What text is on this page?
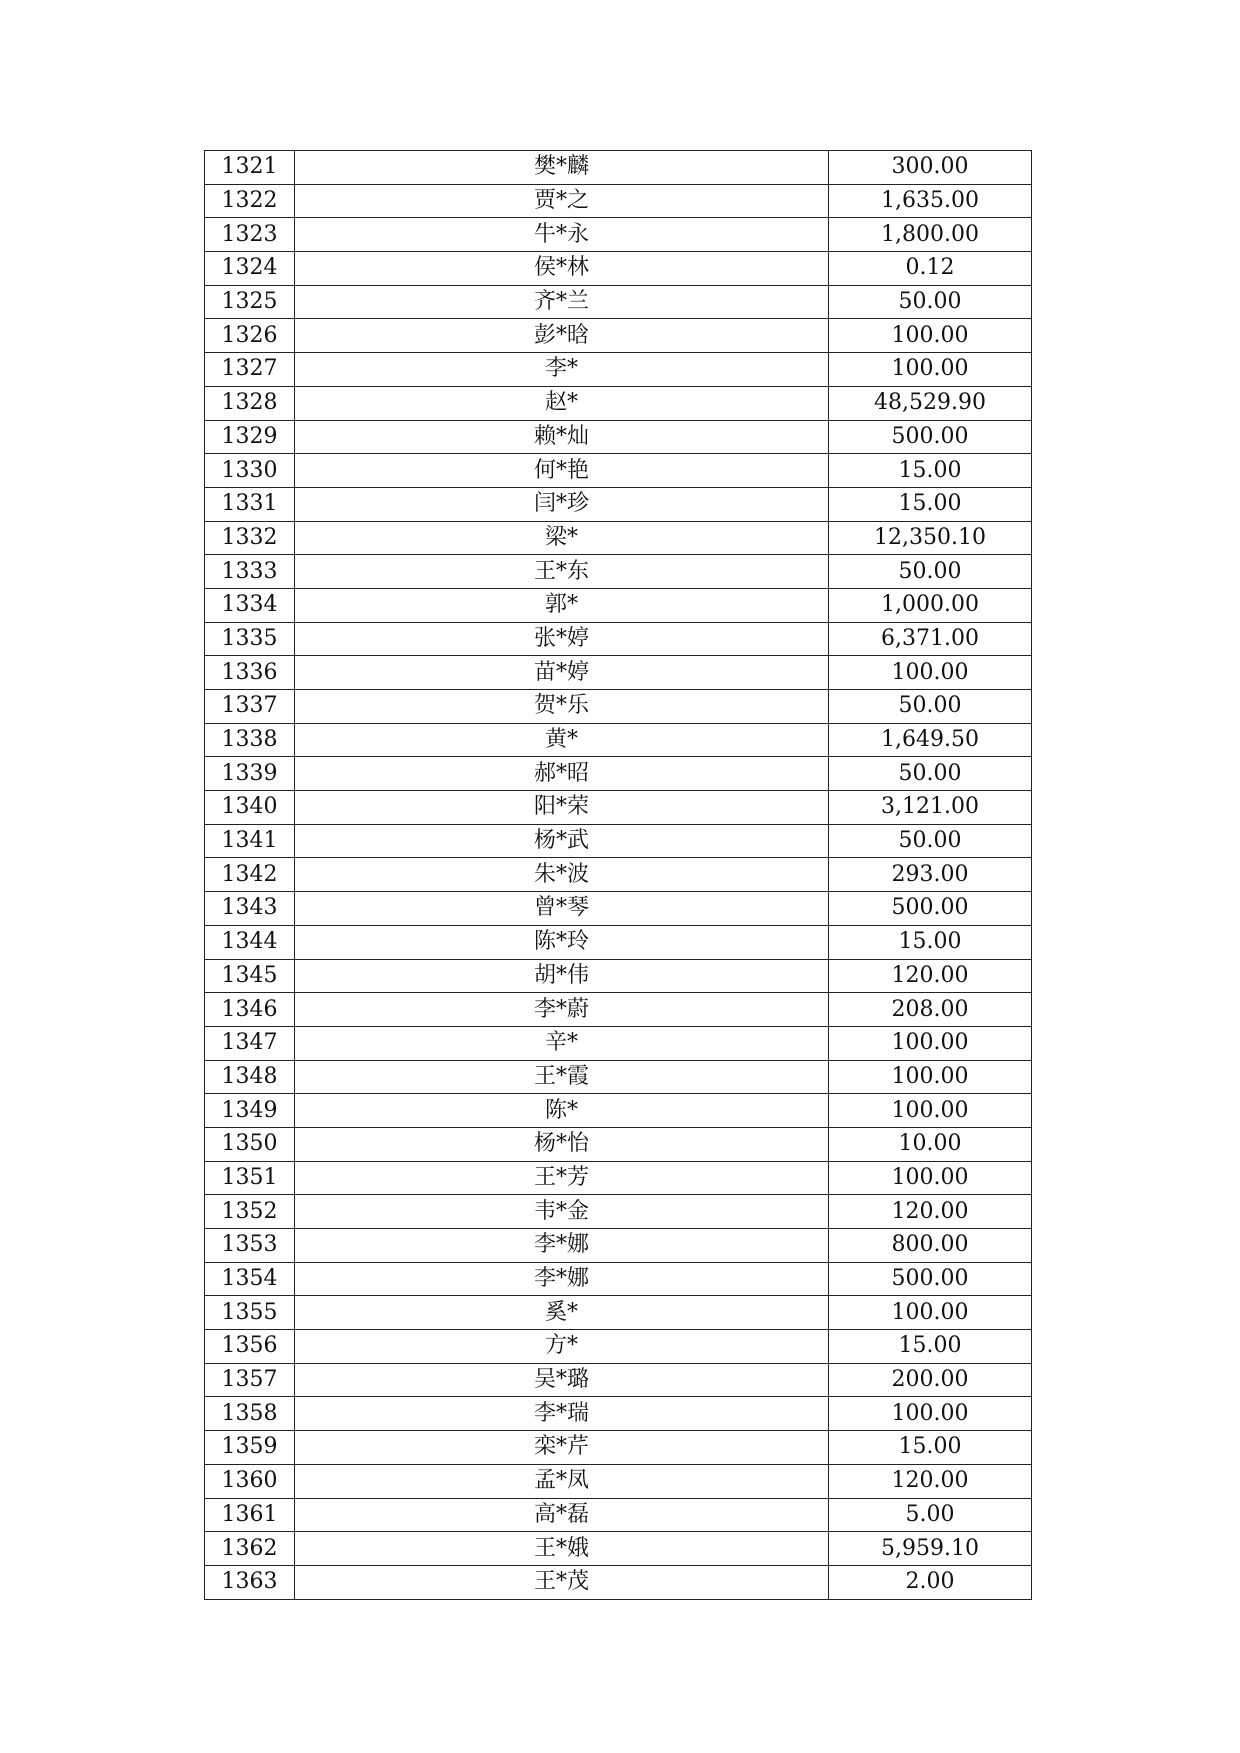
1321	樊*麟	300.00
1322	贾*之	1,635.00
1323	牛*永	1,800.00
1324	侯*林	0.12
1325	齐*兰	50.00
1326	彭*晗	100.00
1327	李*	100.00
1328	赵*	48,529.90
1329	赖*灿	500.00
1330	何*艳	15.00
1331	闫*珍	15.00
1332	梁*	12,350.10
1333	王*东	50.00
1334	郭*	1,000.00
1335	张*婷	6,371.00
1336	苗*婷	100.00
1337	贺*乐	50.00
1338	黄*	1,649.50
1339	郝*昭	50.00
1340	阳*荣	3,121.00
1341	杨*武	50.00
1342	朱*波	293.00
1343	曾*琴	500.00
1344	陈*玲	15.00
1345	胡*伟	120.00
1346	李*蔚	208.00
1347	辛*	100.00
1348	王*霞	100.00
1349	陈*	100.00
1350	杨*怡	10.00
1351	王*芳	100.00
1352	韦*金	120.00
1353	李*娜	800.00
1354	李*娜	500.00
1355	奚*	100.00
1356	方*	15.00
1357	吴*璐	200.00
1358	李*瑞	100.00
1359	栾*芹	15.00
1360	孟*凤	120.00
1361	高*磊	5.00
1362	王*娥	5,959.10
1363	王*茂	2.00
